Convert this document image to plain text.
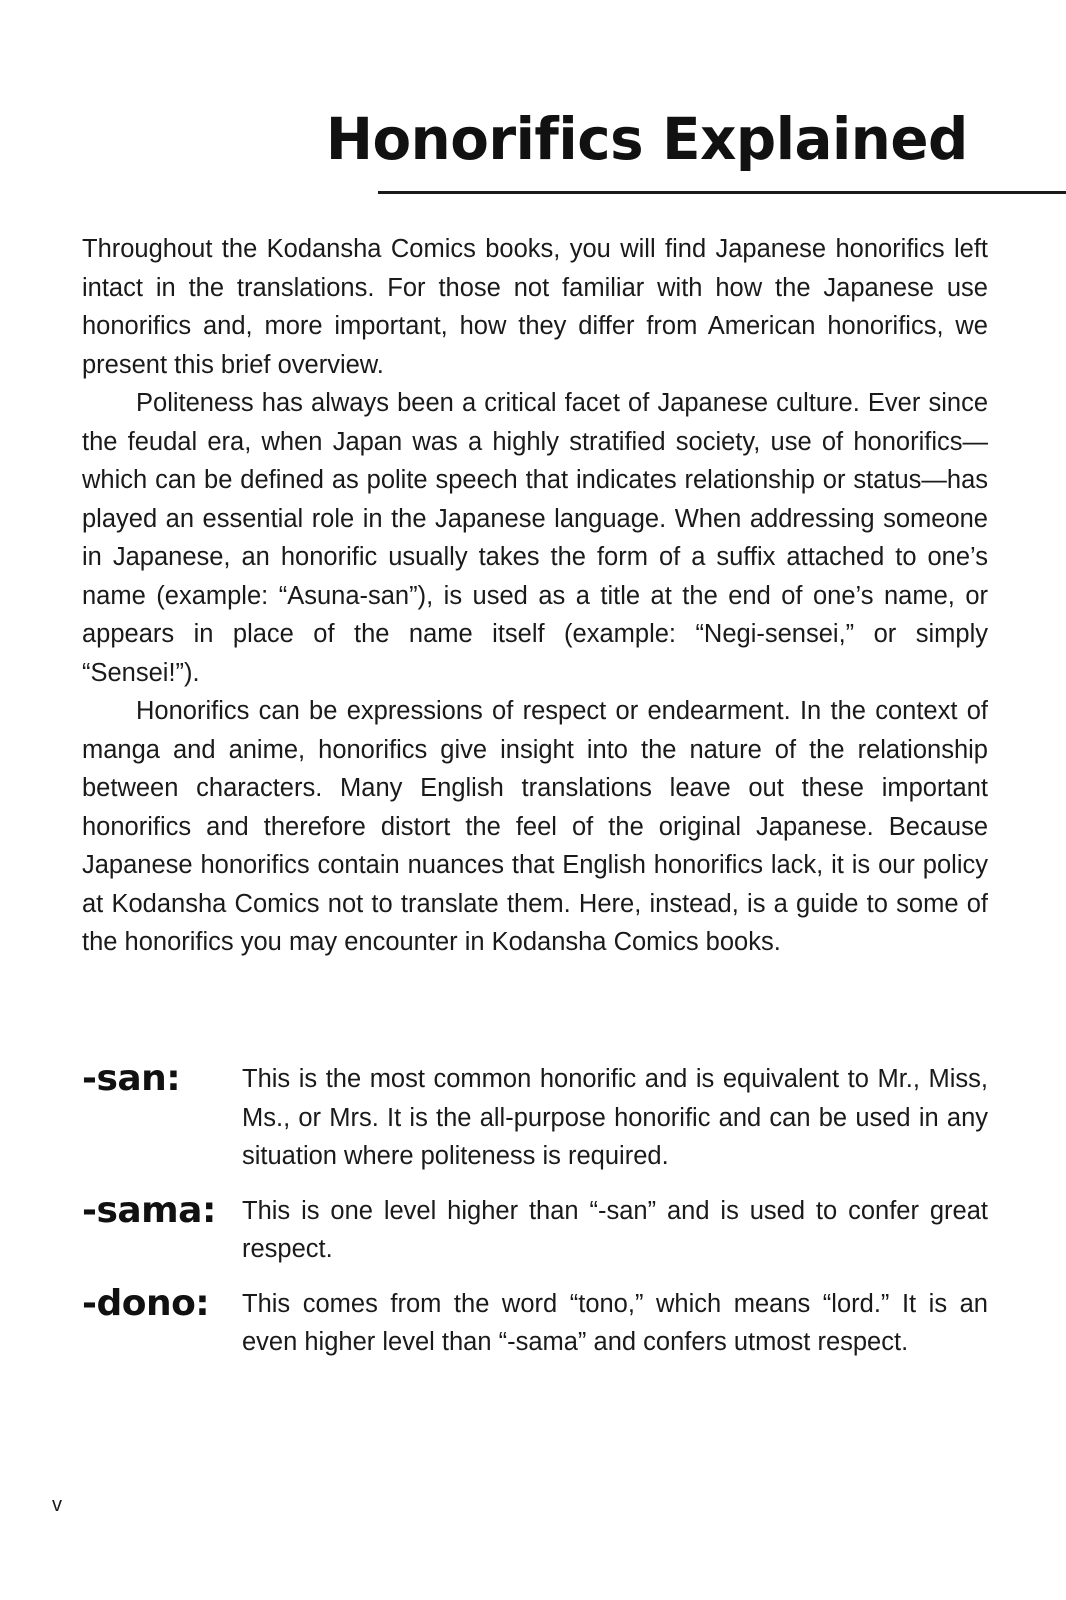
Honorifics Explained

Throughout the Kodansha Comics books, you will find Japanese honorifics left intact in the translations. For those not familiar with how the Japanese use honorifics and, more important, how they differ from American honorifics, we present this brief overview.

Politeness has always been a critical facet of Japanese culture. Ever since the feudal era, when Japan was a highly stratified society, use of honorifics—which can be defined as polite speech that indicates relationship or status—has played an essential role in the Japanese language. When addressing someone in Japanese, an honorific usually takes the form of a suffix attached to one’s name (example: “Asuna-san”), is used as a title at the end of one’s name, or appears in place of the name itself (example: “Negi-sensei,” or simply “Sensei!”).

Honorifics can be expressions of respect or endearment. In the context of manga and anime, honorifics give insight into the nature of the relationship between characters. Many English translations leave out these important honorifics and therefore distort the feel of the original Japanese. Because Japanese honorifics contain nuances that English honorifics lack, it is our policy at Kodansha Comics not to translate them. Here, instead, is a guide to some of the honorifics you may encounter in Kodansha Comics books.

-san:	This is the most common honorific and is equivalent to Mr., Miss, Ms., or Mrs. It is the all-purpose honorific and can be used in any situation where politeness is required.
-sama:	This is one level higher than “-san” and is used to confer great respect.
-dono:	This comes from the word “tono,” which means “lord.” It is an even higher level than “-sama” and confers utmost respect.
v
